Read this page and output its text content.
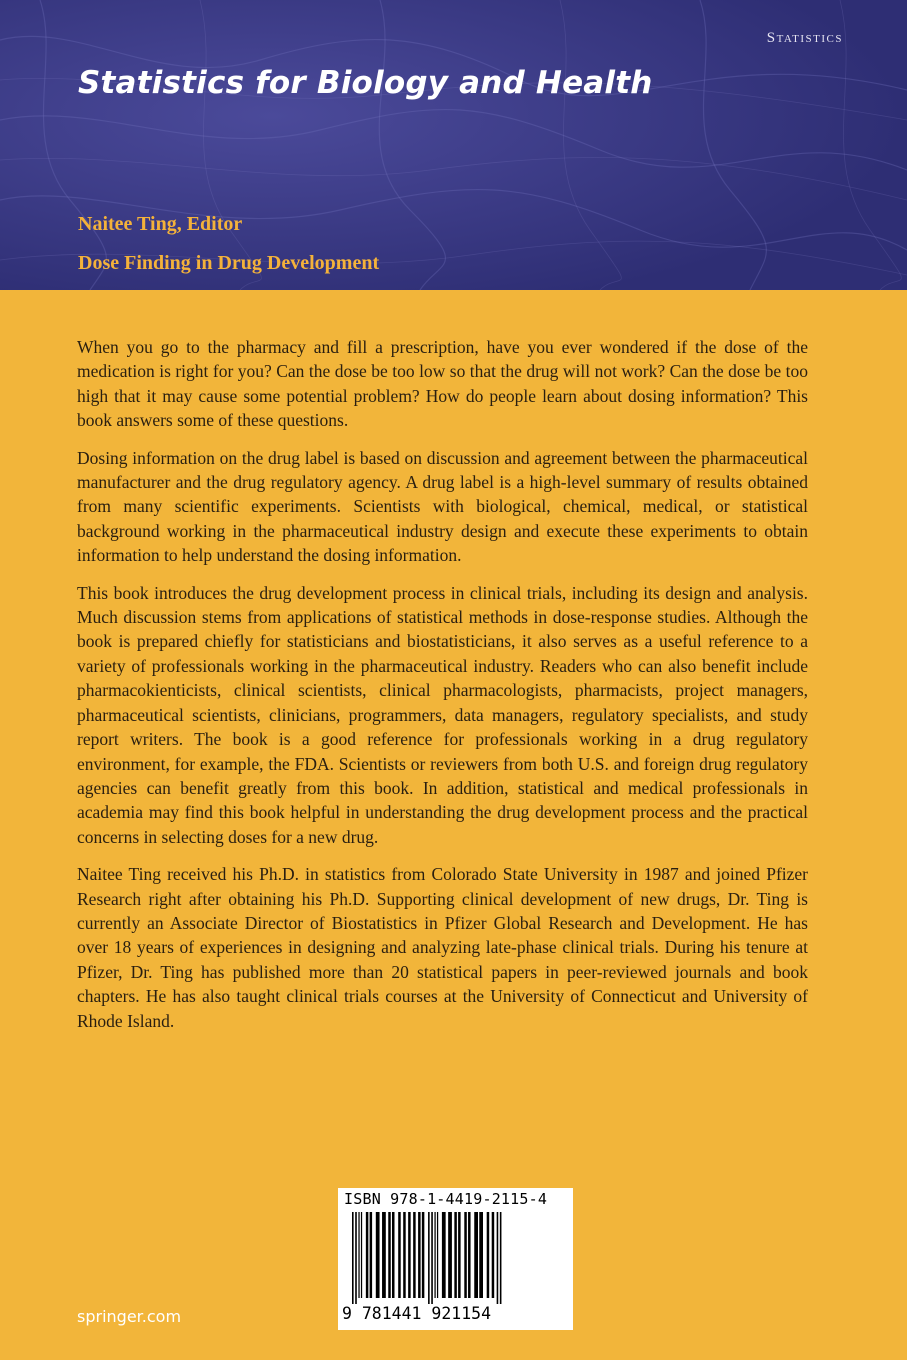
Statistics
Statistics for Biology and Health
Naitee Ting, Editor
Dose Finding in Drug Development

When you go to the pharmacy and fill a prescription, have you ever wondered if the dose of the medication is right for you? Can the dose be too low so that the drug will not work? Can the dose be too high that it may cause some potential problem? How do people learn about dosing information? This book answers some of these questions.

Dosing information on the drug label is based on discussion and agreement between the pharmaceutical manufacturer and the drug regulatory agency. A drug label is a high-level summary of results obtained from many scientific experiments. Scientists with biological, chemical, medical, or statistical background working in the pharmaceutical industry design and execute these experiments to obtain information to help understand the dosing information.

This book introduces the drug development process in clinical trials, including its design and analysis. Much discussion stems from applications of statistical methods in dose-response studies. Although the book is prepared chiefly for statisticians and biostatisticians, it also serves as a useful reference to a variety of professionals working in the pharmaceutical industry. Readers who can also benefit include pharmacokienticists, clinical scientists, clinical pharmacologists, pharmacists, project managers, pharmaceutical scientists, clinicians, programmers, data managers, regulatory specialists, and study report writers. The book is a good reference for professionals working in a drug regulatory environment, for example, the FDA. Scientists or reviewers from both U.S. and foreign drug regulatory agencies can benefit greatly from this book. In addition, statistical and medical professionals in academia may find this book helpful in understanding the drug development process and the practical concerns in selecting doses for a new drug.

Naitee Ting received his Ph.D. in statistics from Colorado State University in 1987 and joined Pfizer Research right after obtaining his Ph.D. Supporting clinical development of new drugs, Dr. Ting is currently an Associate Director of Biostatistics in Pfizer Global Research and Development. He has over 18 years of experiences in designing and analyzing late-phase clinical trials. During his tenure at Pfizer, Dr. Ting has published more than 20 statistical papers in peer-reviewed journals and book chapters. He has also taught clinical trials courses at the University of Connecticut and University of Rhode Island.

ISBN 978-1-4419-2115-4
9 781441 921154
springer.com
